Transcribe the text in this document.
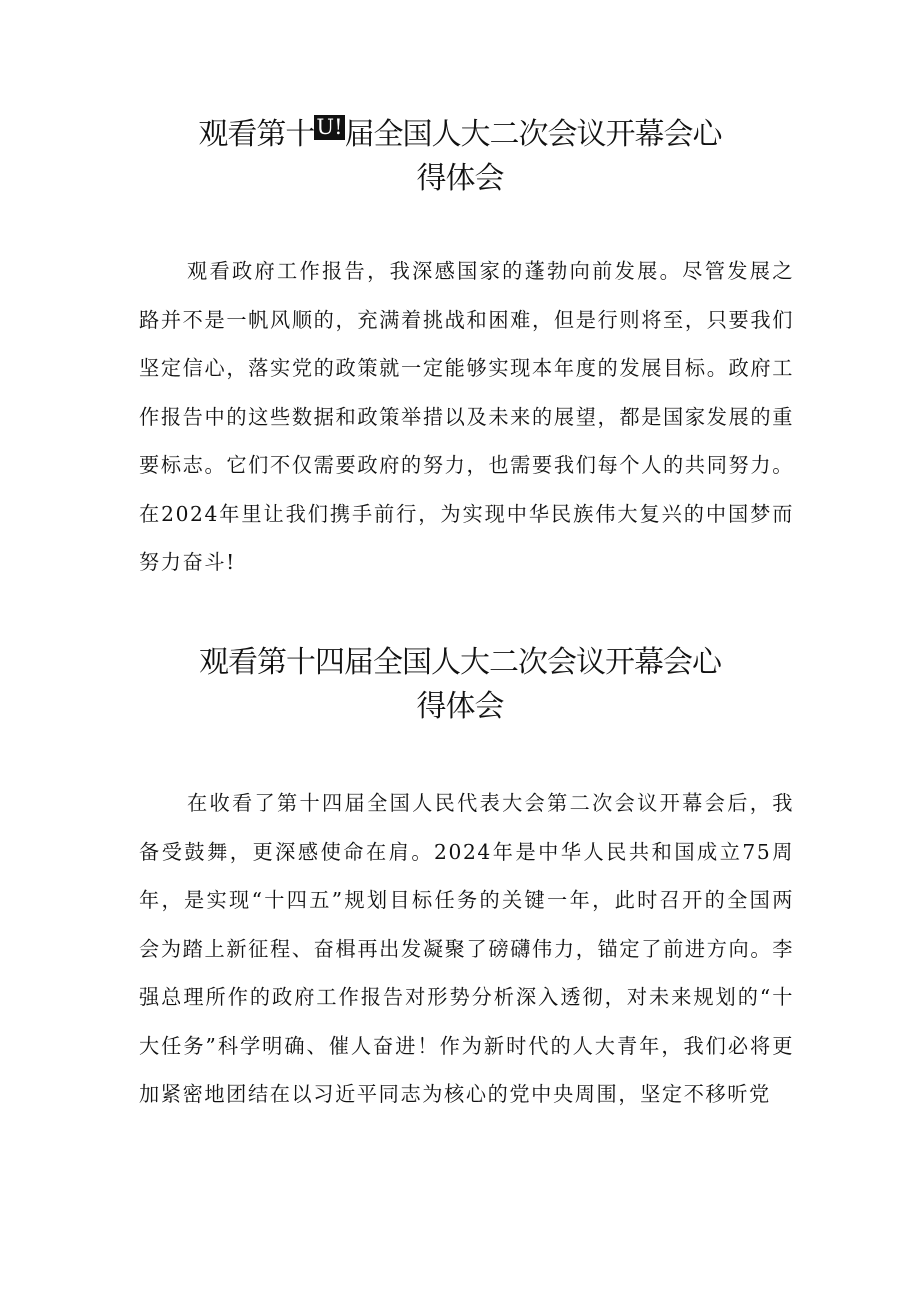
观看第十U!届全国人大二次会议开幕会心
得体会

观看政府工作报告，我深感国家的蓬勃向前发展。尽管发展之路并不是一帆风顺的，充满着挑战和困难，但是行则将至，只要我们坚定信心，落实党的政策就一定能够实现本年度的发展目标。政府工作报告中的这些数据和政策举措以及未来的展望，都是国家发展的重要标志。它们不仅需要政府的努力，也需要我们每个人的共同努力。在2024年里让我们携手前行，为实现中华民族伟大复兴的中国梦而努力奋斗!

观看第十四届全国人大二次会议开幕会心
得体会

在收看了第十四届全国人民代表大会第二次会议开幕会后，我备受鼓舞，更深感使命在肩。2024年是中华人民共和国成立75周年，是实现“十四五”规划目标任务的关键一年，此时召开的全国两会为踏上新征程、奋楫再出发凝聚了磅礴伟力，锚定了前进方向。李强总理所作的政府工作报告对形势分析深入透彻，对未来规划的“十大任务”科学明确、催人奋进！作为新时代的人大青年，我们必将更加紧密地团结在以习近平同志为核心的党中央周围，坚定不移听党
